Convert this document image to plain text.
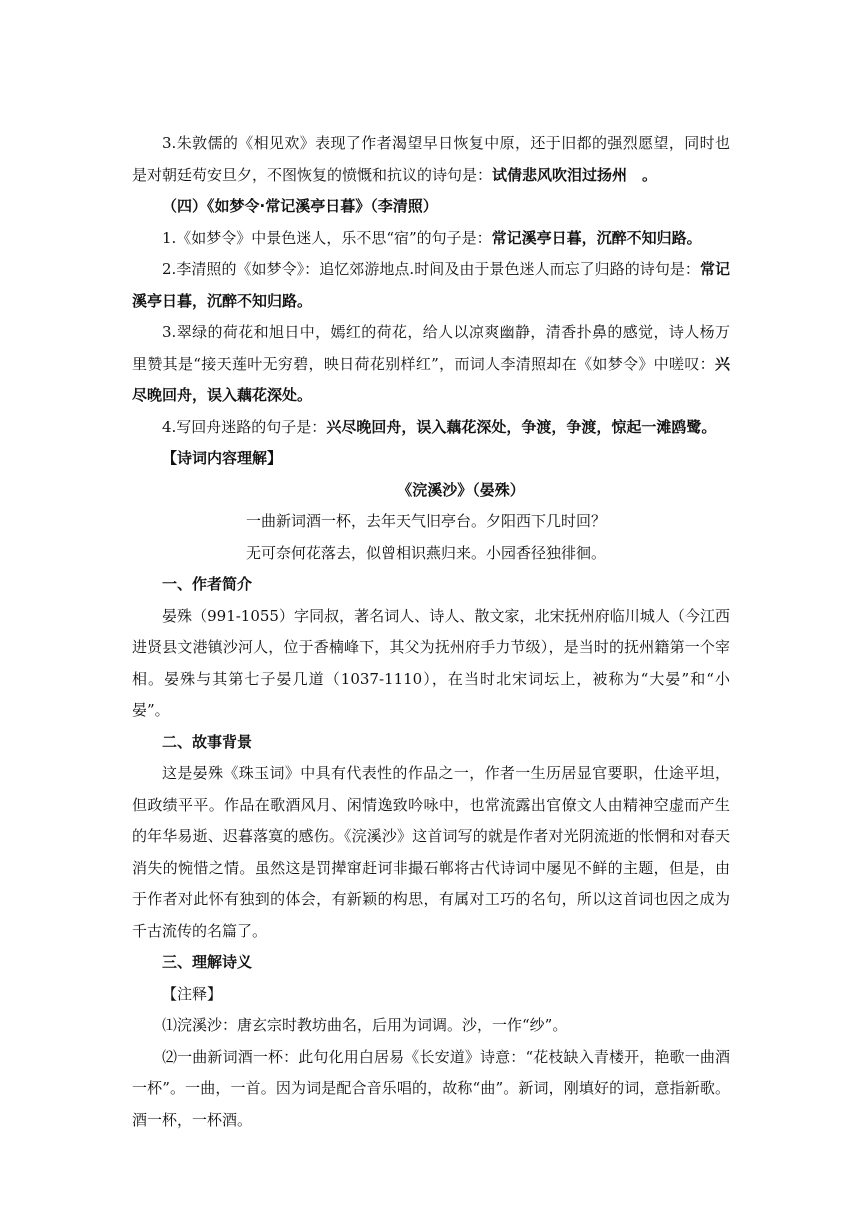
3.朱敦儒的《相见欢》表现了作者渴望早日恢复中原，还于旧都的强烈愿望，同时也是对朝廷苟安旦夕，不图恢复的愤慨和抗议的诗句是：试倩悲风吹泪过扬州　。

（四）《如梦令·常记溪亭日暮》（李清照）

1.《如梦令》中景色迷人，乐不思“宿”的句子是：常记溪亭日暮，沉醉不知归路。

2.李清照的《如梦令》：追忆郊游地点.时间及由于景色迷人而忘了归路的诗句是：常记溪亭日暮，沉醉不知归路。

3.翠绿的荷花和旭日中，嫣红的荷花，给人以凉爽幽静，清香扑鼻的感觉，诗人杨万里赞其是“接天莲叶无穷碧，映日荷花别样红”，而词人李清照却在《如梦令》中嗟叹：兴尽晚回舟，误入藕花深处。

4.写回舟迷路的句子是：兴尽晚回舟，误入藕花深处，争渡，争渡，惊起一滩鸥鹭。

【诗词内容理解】

《浣溪沙》（晏殊）

一曲新词酒一杯，去年天气旧亭台。夕阳西下几时回？

无可奈何花落去，似曾相识燕归来。小园香径独徘徊。

一、作者简介

晏殊（991-1055）字同叔，著名词人、诗人、散文家，北宋抚州府临川城人（今江西进贤县文港镇沙河人，位于香楠峰下，其父为抚州府手力节级），是当时的抚州籍第一个宰相。晏殊与其第七子晏几道（1037-1110），在当时北宋词坛上，被称为“大晏”和“小晏”。

二、故事背景

这是晏殊《珠玉词》中具有代表性的作品之一，作者一生历居显官要职，仕途平坦，但政绩平平。作品在歌酒风月、闲情逸致吟咏中，也常流露出官僚文人由精神空虚而产生的年华易逝、迟暮落寞的感伤。《浣溪沙》这首词写的就是作者对光阴流逝的怅惘和对春天消失的惋惜之情。虽然这是罚撵窜赶诃非撮石郸将古代诗词中屡见不鲜的主题，但是，由于作者对此怀有独到的体会，有新颖的构思，有属对工巧的名句，所以这首词也因之成为千古流传的名篇了。

三、理解诗义

【注释】

⑴浣溪沙：唐玄宗时教坊曲名，后用为词调。沙，一作“纱”。

⑵一曲新词酒一杯：此句化用白居易《长安道》诗意：“花枝缺入青楼开，艳歌一曲酒一杯”。一曲，一首。因为词是配合音乐唱的，故称“曲”。新词，刚填好的词，意指新歌。酒一杯，一杯酒。
